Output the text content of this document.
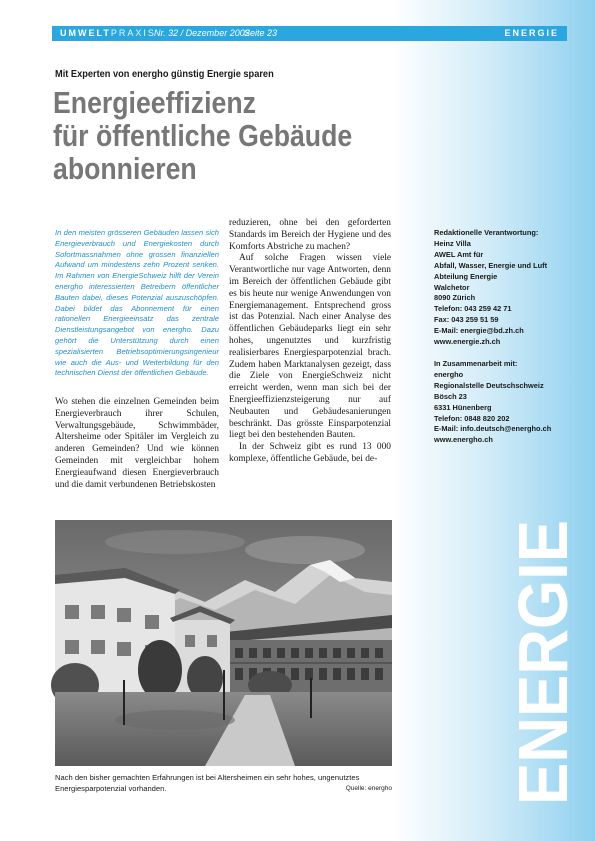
UMWELTPRAXIS
Nr. 32 / Dezember 2002
Seite 23	ENERGIE
Mit Experten von energho günstig Energie sparen
Energieeffizienz
für öffentliche Gebäude
abonnieren
In den meisten grösseren Gebäuden lassen sich Energieverbrauch und Energiekosten durch Sofortmassnahmen ohne grossen finanziellen Aufwand um mindestens zehn Prozent senken. Im Rahmen von EnergieSchweiz hilft der Verein energho interessierten Betreibern öffentlicher Bauten dabei, dieses Potenzial auszuschöpfen. Dabei bildet das Abonnement für einen rationellen Energieeinsatz das zentrale Dienstleistungsangebot von energho. Dazu gehört die Unterstützung durch einen spezialisierten Betriebsoptimierungsingenieur wie auch die Aus- und Weiterbildung für den technischen Dienst der öffentlichen Gebäude.

Wo stehen die einzelnen Gemeinden beim Energieverbrauch ihrer Schulen, Verwaltungsgebäude, Schwimmbäder, Altersheime oder Spitäler im Vergleich zu anderen Gemeinden? Und wie können Gemeinden mit vergleichbar hohem Energieaufwand diesen Energieverbrauch und die damit verbundenen Betriebskosten

reduzieren, ohne bei den geforderten Standards im Bereich der Hygiene und des Komforts Abstriche zu machen?

Auf solche Fragen wissen viele Verantwortliche nur vage Antworten, denn im Bereich der öffentlichen Gebäude gibt es bis heute nur wenige Anwendungen von Energiemanagement. Entsprechend gross ist das Potenzial. Nach einer Analyse des öffentlichen Gebäudeparks liegt ein sehr hohes, ungenutztes und kurzfristig realisierbares Energiesparpotenzial brach. Zudem haben Marktanalysen gezeigt, dass die Ziele von EnergieSchweiz nicht erreicht werden, wenn man sich bei der Energieeffizienzsteigerung nur auf Neubauten und Gebäudesanierungen beschränkt. Das grösste Einsparpotenzial liegt bei den bestehenden Bauten.

In der Schweiz gibt es rund 13 000 komplexe, öffentliche Gebäude, bei de-

Redaktionelle Verantwortung:
Heinz Villa
AWEL Amt für
Abfall, Wasser, Energie und Luft
Abteilung Energie
Walchetor
8090 Zürich
Telefon: 043 259 42 71
Fax: 043 259 51 59
E-Mail: energie@bd.zh.ch
www.energie.zh.ch
In Zusammenarbeit mit:
energho
Regionalstelle Deutschschweiz
Bösch 23
6331 Hünenberg
Telefon: 0848 820 202
E-Mail: info.deutsch@energho.ch
www.energho.ch
Nach den bisher gemachten Erfahrungen ist bei Altersheimen ein sehr hohes, ungenutztes Energiesparpotenzial vorhanden.	Quelle: energho ENERGIE
